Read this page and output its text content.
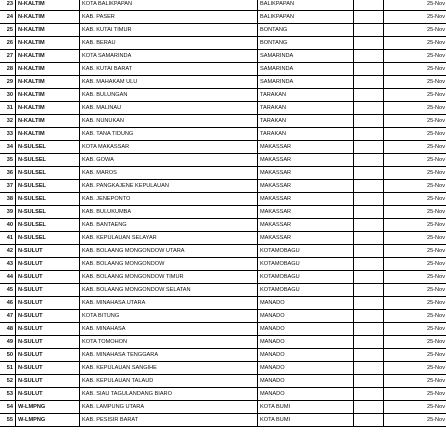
23	N-KALTIM	KOTA BALIKPAPAN	BALIKPAPAN		25-Nov
24	N-KALTIM	KAB. PASER	BALIKPAPAN		25-Nov
25	N-KALTIM	KAB. KUTAI TIMUR	BONTANG		25-Nov
26	N-KALTIM	KAB. BERAU	BONTANG		25-Nov
27	N-KALTIM	KOTA SAMARINDA	SAMARINDA		25-Nov
28	N-KALTIM	KAB. KUTAI BARAT	SAMARINDA		25-Nov
29	N-KALTIM	KAB. MAHAKAM ULU	SAMARINDA		25-Nov
30	N-KALTIM	KAB. BULUNGAN	TARAKAN		25-Nov
31	N-KALTIM	KAB. MALINAU	TARAKAN		25-Nov
32	N-KALTIM	KAB. NUNUKAN	TARAKAN		25-Nov
33	N-KALTIM	KAB. TANA TIDUNG	TARAKAN		25-Nov
34	N-SULSEL	KOTA MAKASSAR	MAKASSAR		25-Nov
35	N-SULSEL	KAB. GOWA	MAKASSAR		25-Nov
36	N-SULSEL	KAB. MAROS	MAKASSAR		25-Nov
37	N-SULSEL	KAB. PANGKAJENE KEPULAUAN	MAKASSAR		25-Nov
38	N-SULSEL	KAB. JENEPONTO	MAKASSAR		25-Nov
39	N-SULSEL	KAB. BULUKUMBA	MAKASSAR		25-Nov
40	N-SULSEL	KAB. BANTAENG	MAKASSAR		25-Nov
41	N-SULSEL	KAB. KEPULAUAN SELAYAR	MAKASSAR		25-Nov
42	N-SULUT	KAB. BOLAANG MONGONDOW UTARA	KOTAMOBAGU		25-Nov
43	N-SULUT	KAB. BOLAANG MONGONDOW	KOTAMOBAGU		25-Nov
44	N-SULUT	KAB. BOLAANG MONGONDOW TIMUR	KOTAMOBAGU		25-Nov
45	N-SULUT	KAB. BOLAANG MONGONDOW SELATAN	KOTAMOBAGU		25-Nov
46	N-SULUT	KAB. MINAHASA UTARA	MANADO		25-Nov
47	N-SULUT	KOTA BITUNG	MANADO		25-Nov
48	N-SULUT	KAB. MINAHASA	MANADO		25-Nov
49	N-SULUT	KOTA TOMOHON	MANADO		25-Nov
50	N-SULUT	KAB. MINAHASA TENGGARA	MANADO		25-Nov
51	N-SULUT	KAB. KEPULAUAN SANGIHE	MANADO		25-Nov
52	N-SULUT	KAB. KEPULAUAN TALAUD	MANADO		25-Nov
53	N-SULUT	KAB. SIAU TAGULANDANG BIARO	MANADO		25-Nov
54	W-LMPNG	KAB. LAMPUNG UTARA	KOTA BUMI		25-Nov
55	W-LMPNG	KAB. PESISIR BARAT	KOTA BUMI		25-Nov
